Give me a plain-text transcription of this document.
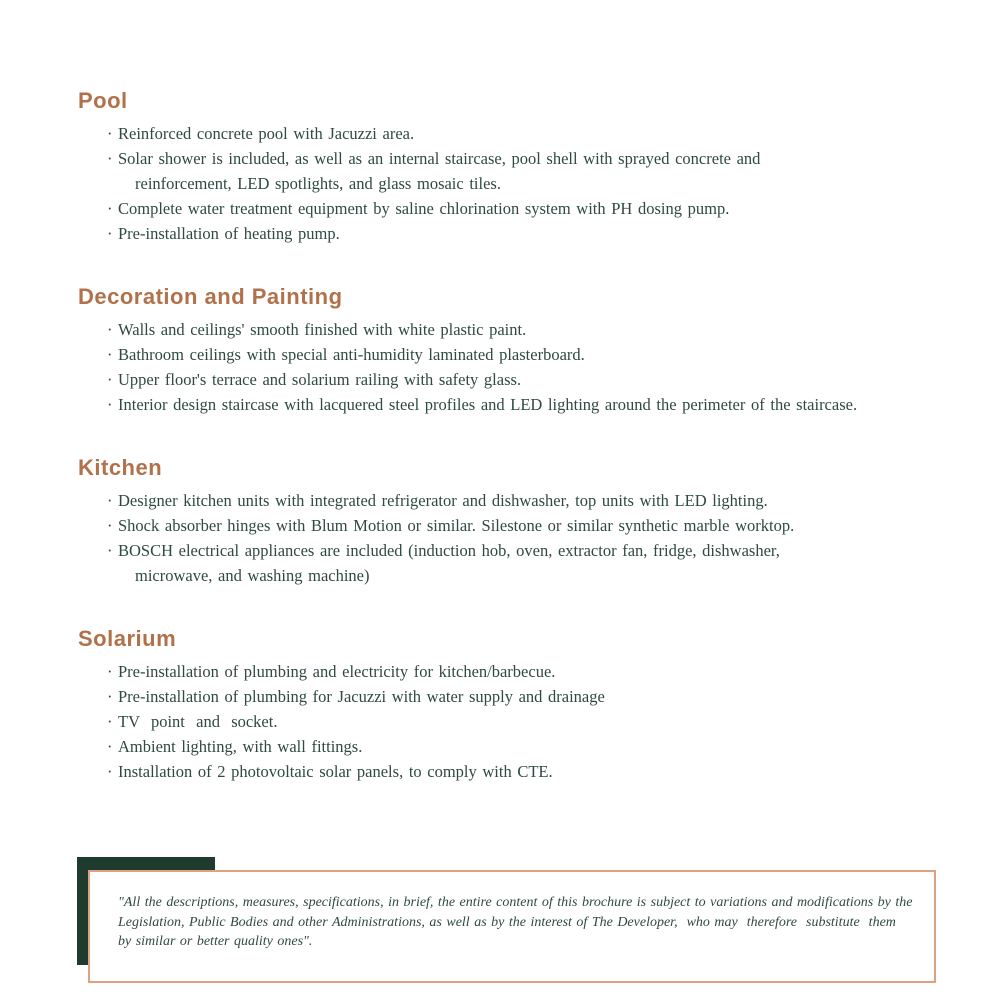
Pool
· Reinforced concrete pool with Jacuzzi area.
· Solar shower is included, as well as an internal staircase, pool shell with sprayed concrete and
reinforcement, LED spotlights, and glass mosaic tiles.
· Complete water treatment equipment by saline chlorination system with PH dosing pump.
· Pre-installation of heating pump.
Decoration and Painting
· Walls and ceilings' smooth finished with white plastic paint.
· Bathroom ceilings with special anti-humidity laminated plasterboard.
· Upper floor's terrace and solarium railing with safety glass.
· Interior design staircase with lacquered steel profiles and LED lighting around the perimeter of the staircase.
Kitchen
· Designer kitchen units with integrated refrigerator and dishwasher, top units with LED lighting.
· Shock absorber hinges with Blum Motion or similar. Silestone or similar synthetic marble worktop.
· BOSCH electrical appliances are included (induction hob, oven, extractor fan, fridge, dishwasher,
microwave, and washing machine)
Solarium
· Pre-installation of plumbing and electricity for kitchen/barbecue.
· Pre-installation of plumbing for Jacuzzi with water supply and drainage
· TV  point  and  socket.
· Ambient lighting, with wall fittings.
· Installation of 2 photovoltaic solar panels, to comply with CTE.
"All the descriptions, measures, specifications, in brief, the entire content of this brochure is subject to variations and modifications by the
Legislation, Public Bodies and other Administrations, as well as by the interest of The Developer,  who may  therefore  substitute  them
by similar or better quality ones".
